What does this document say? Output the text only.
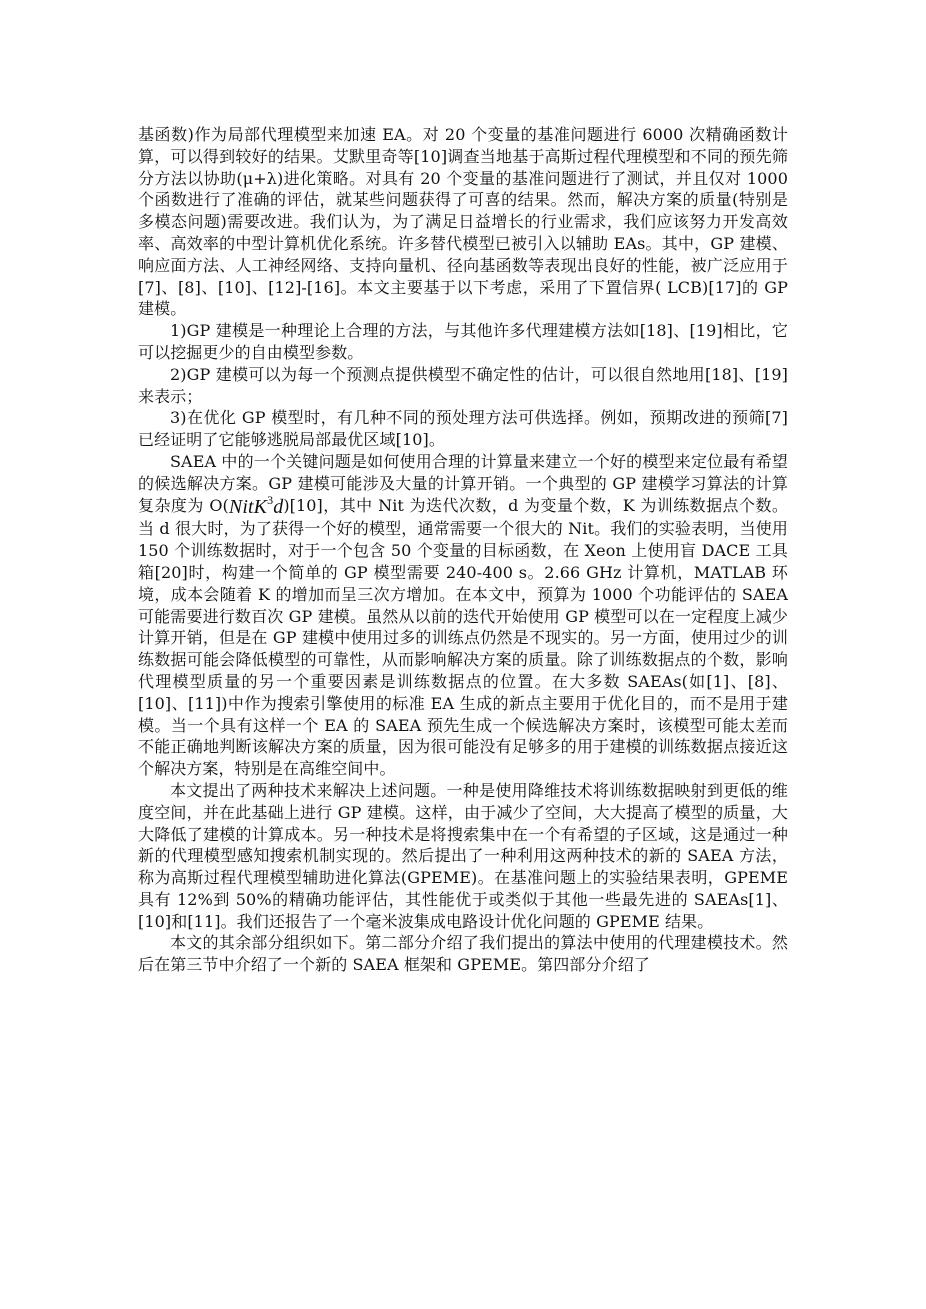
基函数)作为局部代理模型来加速 EA。对 20 个变量的基准问题进行 6000 次精确函数计算，可以得到较好的结果。艾默里奇等[10]调查当地基于高斯过程代理模型和不同的预先筛分方法以协助(μ+λ)进化策略。对具有 20 个变量的基准问题进行了测试，并且仅对 1000 个函数进行了准确的评估，就某些问题获得了可喜的结果。然而，解决方案的质量(特别是多模态问题)需要改进。我们认为，为了满足日益增长的行业需求，我们应该努力开发高效率、高效率的中型计算机优化系统。许多替代模型已被引入以辅助 EAs。其中，GP 建模、响应面方法、人工神经网络、支持向量机、径向基函数等表现出良好的性能，被广泛应用于[7]、[8]、[10]、[12]-[16]。本文主要基于以下考虑，采用了下置信界( LCB)[17]的 GP 建模。

1)GP 建模是一种理论上合理的方法，与其他许多代理建模方法如[18]、[19]相比，它可以挖掘更少的自由模型参数。

2)GP 建模可以为每一个预测点提供模型不确定性的估计，可以很自然地用[18]、[19]来表示；

3)在优化 GP 模型时，有几种不同的预处理方法可供选择。例如，预期改进的预筛[7]已经证明了它能够逃脱局部最优区域[10]。

SAEA 中的一个关键问题是如何使用合理的计算量来建立一个好的模型来定位最有希望的候选解决方案。GP 建模可能涉及大量的计算开销。一个典型的 GP 建模学习算法的计算复杂度为 O(NitK$^3$d)[10]，其中 Nit 为迭代次数，d 为变量个数，K 为训练数据点个数。当 d 很大时，为了获得一个好的模型，通常需要一个很大的 Nit。我们的实验表明，当使用 150 个训练数据时，对于一个包含 50 个变量的目标函数，在 Xeon 上使用盲 DACE 工具箱[20]时，构建一个简单的 GP 模型需要 240-400 s。2.66 GHz 计算机，MATLAB 环境，成本会随着 K 的增加而呈三次方增加。在本文中，预算为 1000 个功能评估的 SAEA 可能需要进行数百次 GP 建模。虽然从以前的迭代开始使用 GP 模型可以在一定程度上减少计算开销，但是在 GP 建模中使用过多的训练点仍然是不现实的。另一方面，使用过少的训练数据可能会降低模型的可靠性，从而影响解决方案的质量。除了训练数据点的个数，影响代理模型质量的另一个重要因素是训练数据点的位置。在大多数 SAEAs(如[1]、[8]、[10]、[11])中作为搜索引擎使用的标准 EA 生成的新点主要用于优化目的，而不是用于建模。当一个具有这样一个 EA 的 SAEA 预先生成一个候选解决方案时，该模型可能太差而不能正确地判断该解决方案的质量，因为很可能没有足够多的用于建模的训练数据点接近这个解决方案，特别是在高维空间中。

本文提出了两种技术来解决上述问题。一种是使用降维技术将训练数据映射到更低的维度空间，并在此基础上进行 GP 建模。这样，由于减少了空间，大大提高了模型的质量，大大降低了建模的计算成本。另一种技术是将搜索集中在一个有希望的子区域，这是通过一种新的代理模型感知搜索机制实现的。然后提出了一种利用这两种技术的新的 SAEA 方法，称为高斯过程代理模型辅助进化算法(GPEME)。在基准问题上的实验结果表明，GPEME 具有 12%到 50%的精确功能评估，其性能优于或类似于其他一些最先进的 SAEAs[1]、[10]和[11]。我们还报告了一个毫米波集成电路设计优化问题的 GPEME 结果。

本文的其余部分组织如下。第二部分介绍了我们提出的算法中使用的代理建模技术。然后在第三节中介绍了一个新的 SAEA 框架和 GPEME。第四部分介绍了
